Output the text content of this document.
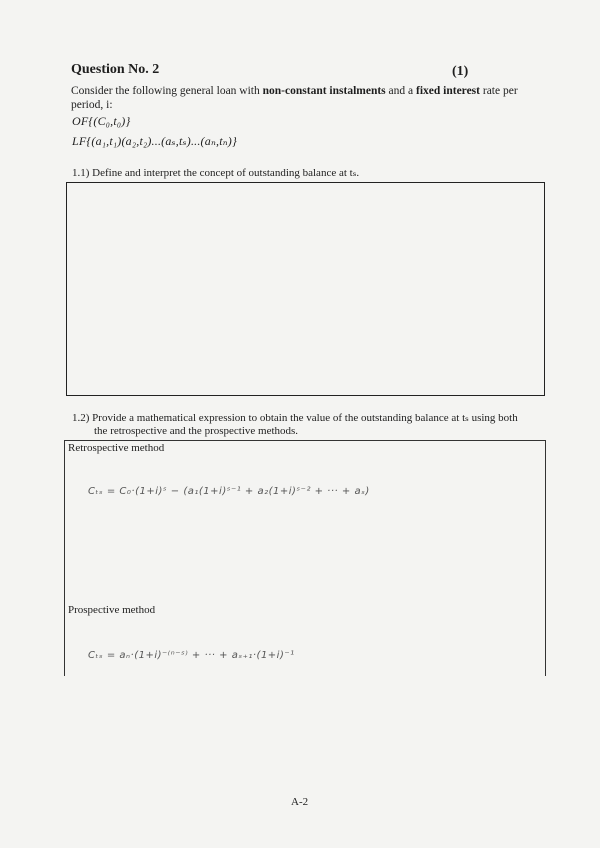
Question No. 2	(1)
Consider the following general loan with non-constant instalments and a fixed interest rate per period, i:
OF{(C₀,t₀)}
LF{(a₁,t₁)(a₂,t₂)...(aₛ,tₛ)...(aₙ,tₙ)}
1.1) Define and interpret the concept of outstanding balance at tₛ.
1.2) Provide a mathematical expression to obtain the value of the outstanding balance at tₛ using both
the retrospective and the prospective methods.
Retrospective method
Cₜₛ = C₀·(1+i)ˢ − (a₁(1+i)ˢ⁻¹ + a₂(1+i)ˢ⁻² + ··· + aₛ)
Prospective method
Cₜₛ = aₙ·(1+i)⁻⁽ⁿ⁻ˢ⁾ + ··· + aₛ₊₁·(1+i)⁻¹
A-2
